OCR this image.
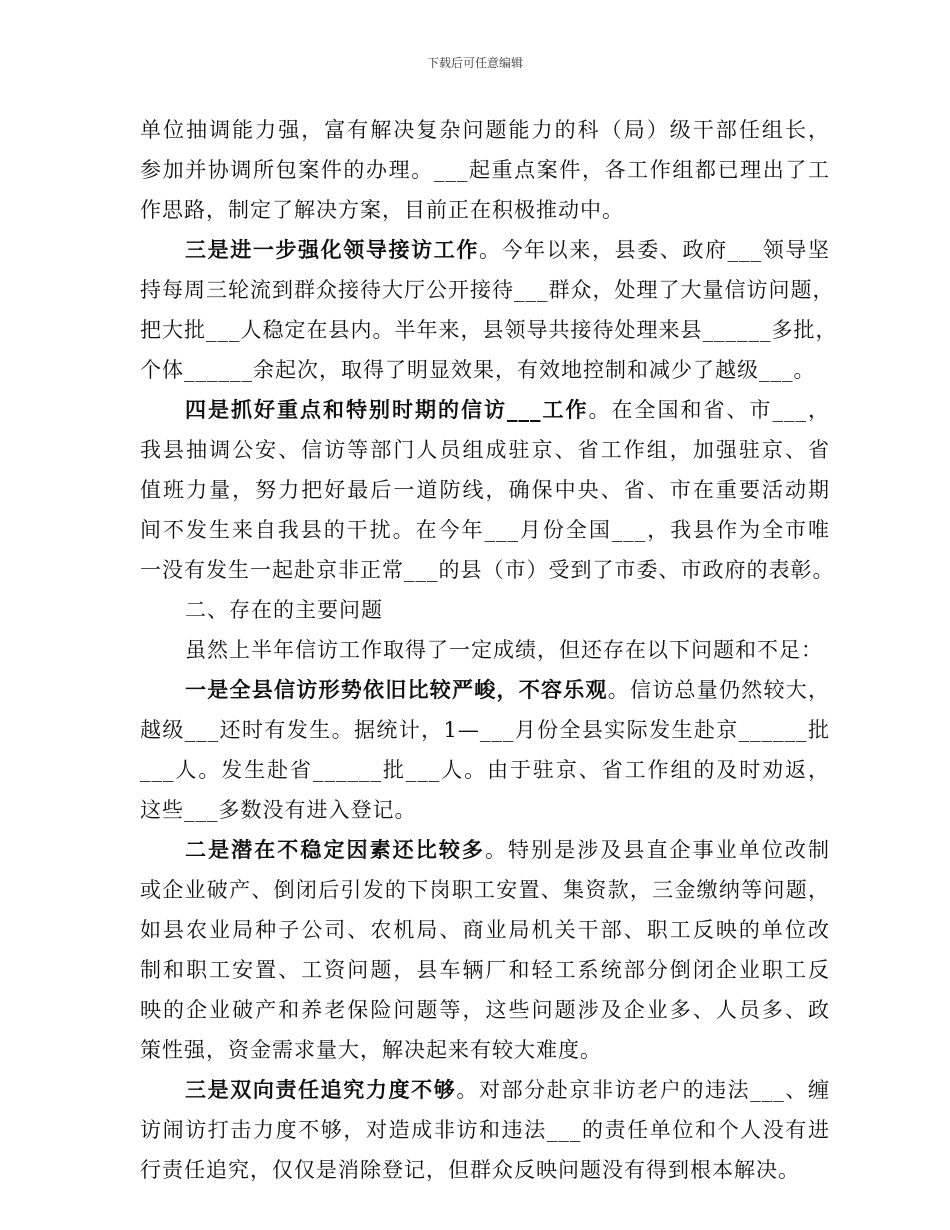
下载后可任意编辑
单位抽调能力强，富有解决复杂问题能力的科（局）级干部任组长，
参加并协调所包案件的办理。___起重点案件，各工作组都已理出了工
作思路，制定了解决方案，目前正在积极推动中。
三是进一步强化领导接访工作。今年以来，县委、政府___领导坚
持每周三轮流到群众接待大厅公开接待___群众，处理了大量信访问题，
把大批___人稳定在县内。半年来，县领导共接待处理来县______多批，
个体______余起次，取得了明显效果，有效地控制和减少了越级___。
四是抓好重点和特别时期的信访___工作。在全国和省、市___，
我县抽调公安、信访等部门人员组成驻京、省工作组，加强驻京、省
值班力量，努力把好最后一道防线，确保中央、省、市在重要活动期
间不发生来自我县的干扰。在今年___月份全国___，我县作为全市唯
一没有发生一起赴京非正常___的县（市）受到了市委、市政府的表彰。
二、存在的主要问题
虽然上半年信访工作取得了一定成绩，但还存在以下问题和不足：
一是全县信访形势依旧比较严峻，不容乐观。信访总量仍然较大，
越级___还时有发生。据统计，1—___月份全县实际发生赴京______批
___人。发生赴省______批___人。由于驻京、省工作组的及时劝返，
这些___多数没有进入登记。
二是潜在不稳定因素还比较多。特别是涉及县直企事业单位改制
或企业破产、倒闭后引发的下岗职工安置、集资款，三金缴纳等问题，
如县农业局种子公司、农机局、商业局机关干部、职工反映的单位改
制和职工安置、工资问题，县车辆厂和轻工系统部分倒闭企业职工反
映的企业破产和养老保险问题等，这些问题涉及企业多、人员多、政
策性强，资金需求量大，解决起来有较大难度。
三是双向责任追究力度不够。对部分赴京非访老户的违法___、缠
访闹访打击力度不够，对造成非访和违法___的责任单位和个人没有进
行责任追究，仅仅是消除登记，但群众反映问题没有得到根本解决。
